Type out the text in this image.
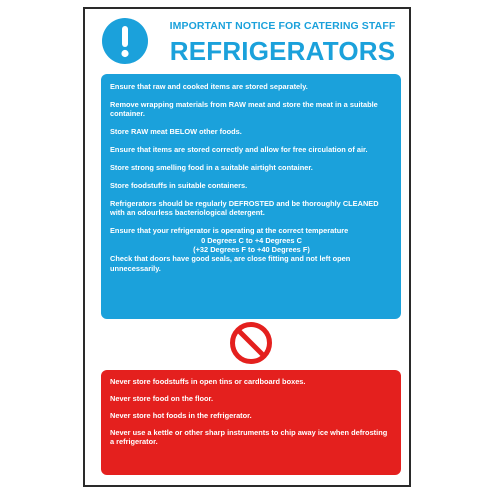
IMPORTANT NOTICE FOR CATERING STAFF
REFRIGERATORS

Ensure that raw and cooked items are stored separately.

Remove wrapping materials from RAW meat and store the meat in a suitable container.

Store RAW meat BELOW other foods.

Ensure that items are stored correctly and allow for free circulation of air.

Store strong smelling food in a suitable airtight container.

Store foodstuffs in suitable containers.

Refrigerators should be regularly DEFROSTED and be thoroughly CLEANED with an odourless bacteriological detergent.

Ensure that your refrigerator is operating at the correct temperature

0 Degrees C to +4 Degrees C

(+32 Degrees F to +40 Degrees F)

Check that doors have good seals, are close fitting and not left open unnecessarily.

Never store foodstuffs in open tins or cardboard boxes.

Never store food on the floor.

Never store hot foods in the refrigerator.

Never use a kettle or other sharp instruments to chip away ice when defrosting a refrigerator.
